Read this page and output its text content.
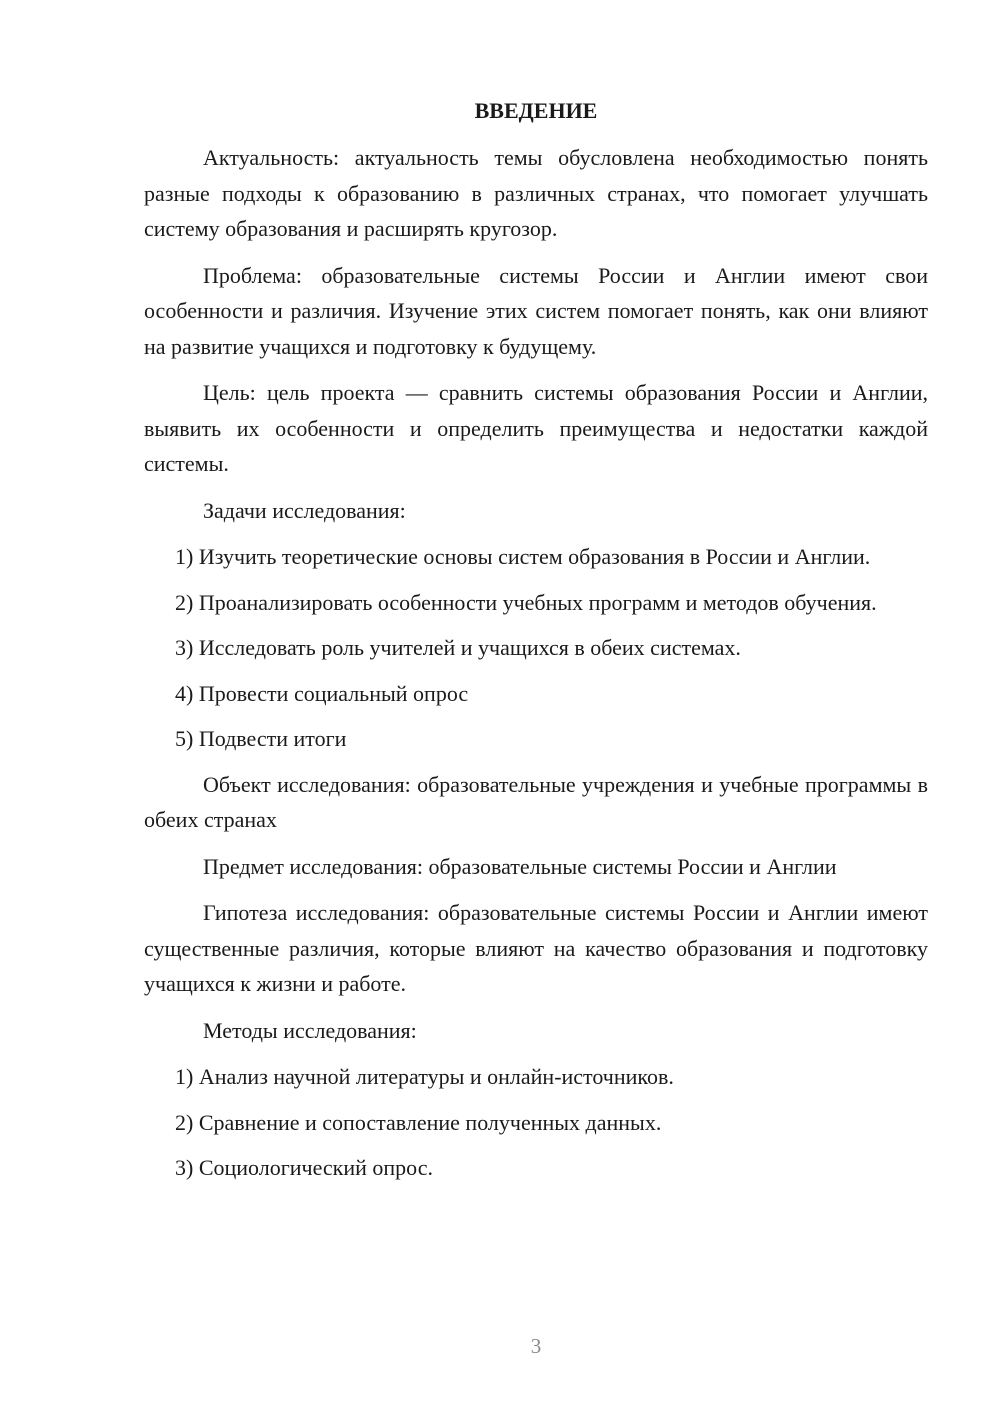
ВВЕДЕНИЕ

Актуальность: актуальность темы обусловлена необходимостью понять разные подходы к образованию в различных странах, что помогает улучшать систему образования и расширять кругозор.

Проблема: образовательные системы России и Англии имеют свои особенности и различия. Изучение этих систем помогает понять, как они влияют на развитие учащихся и подготовку к будущему.

Цель: цель проекта — сравнить системы образования России и Англии, выявить их особенности и определить преимущества и недостатки каждой системы.

Задачи исследования:

1) Изучить теоретические основы систем образования в России и Англии.

2) Проанализировать особенности учебных программ и методов обучения.

3) Исследовать роль учителей и учащихся в обеих системах.

4) Провести социальный опрос

5) Подвести итоги

Объект исследования: образовательные учреждения и учебные программы в обеих странах

Предмет исследования: образовательные системы России и Англии

Гипотеза исследования: образовательные системы России и Англии имеют существенные различия, которые влияют на качество образования и подготовку учащихся к жизни и работе.

Методы исследования:

1) Анализ научной литературы и онлайн-источников.

2) Сравнение и сопоставление полученных данных.

3) Социологический опрос.

3
